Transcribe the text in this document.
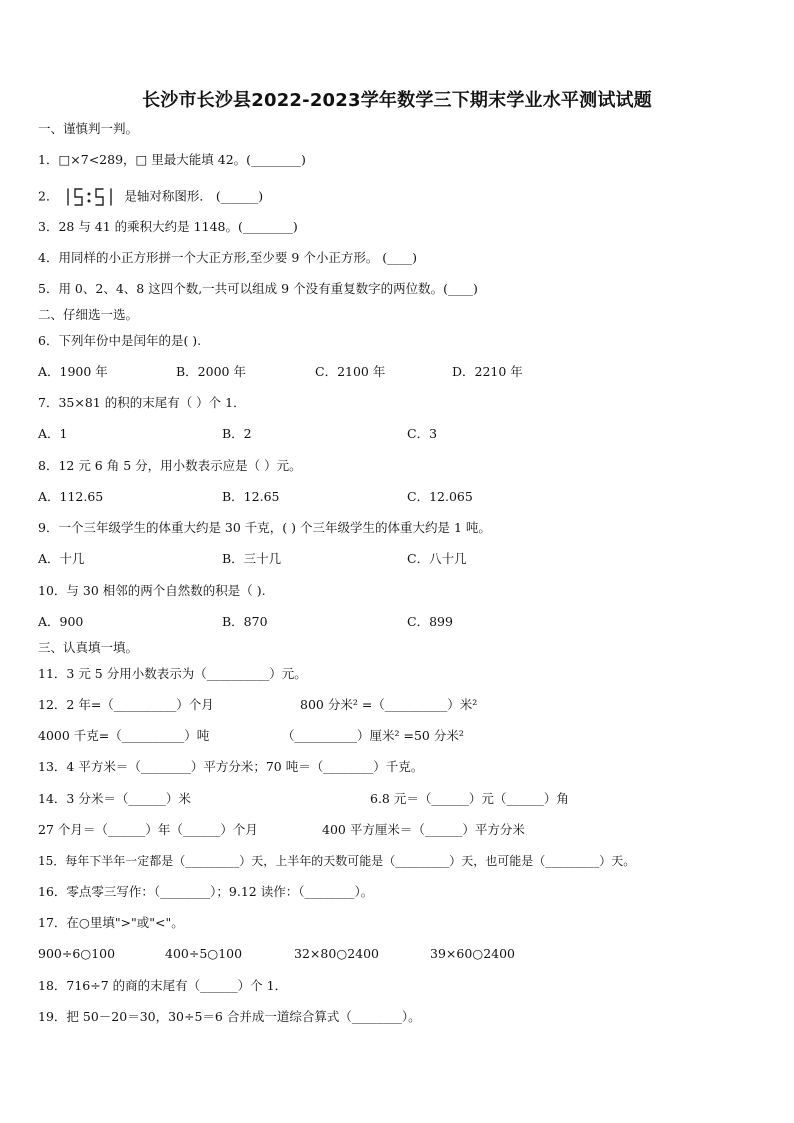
长沙市长沙县2022-2023学年数学三下期末学业水平测试试题
一、谨慎判一判。
1．□×7<289，□ 里最大能填 42。(________)
2．	是轴对称图形． (______)
3．28 与 41 的乘积大约是 1148。(________)
4．用同样的小正方形拼一个大正方形,至少要 9 个小正方形。 (____)
5．用 0、2、4、8 这四个数,一共可以组成 9 个没有重复数字的两位数。(____)
二、仔细选一选。
6．下列年份中是闰年的是( ).
A．1900 年	B．2000 年	C．2100 年	D．2210 年
7．35×81 的积的末尾有（ ）个 1．
A．1	B．2	C．3
8．12 元 6 角 5 分，用小数表示应是（ ）元。
A．112.65	B．12.65	C．12.065
9．一个三年级学生的体重大约是 30 千克，( ) 个三年级学生的体重大约是 1 吨。
A．十几	B．三十几	C．八十几
10．与 30 相邻的两个自然数的积是（ ).
A．900	B．870	C．899
三、认真填一填。
11．3 元 5 分用小数表示为（__________）元。
12．2 年=（__________）个月	800 分米² =（__________）米²
4000 千克=（__________）吨	（__________）厘米² =50 分米²
13．4 平方米＝（________）平方分米；70 吨＝（________）千克。
14．3 分米＝（______）米	6.8 元＝（______）元（______）角
27 个月＝（______）年（______）个月	400 平方厘米＝（______）平方分米
15．每年下半年一定都是（_________）天，上半年的天数可能是（_________）天，也可能是（_________）天。
16．零点零三写作：（________）；9.12 读作：（________）。
17．在○里填">"或"<"。
900÷6○100	400÷5○100	32×80○2400	39×60○2400
18．716÷7 的商的末尾有（______）个 1．
19．把 50－20＝30，30÷5＝6 合并成一道综合算式（________）。
